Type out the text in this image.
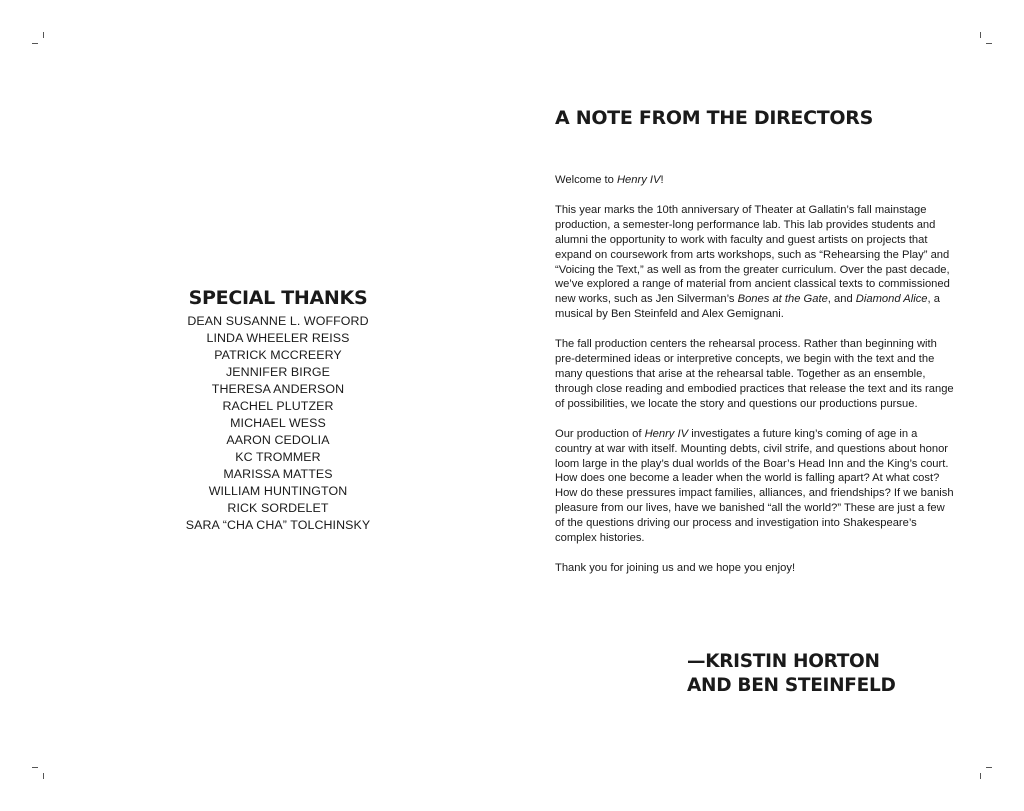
SPECIAL THANKS
DEAN SUSANNE L. WOFFORD
LINDA WHEELER REISS
PATRICK MCCREERY
JENNIFER BIRGE
THERESA ANDERSON
RACHEL PLUTZER
MICHAEL WESS
AARON CEDOLIA
KC TROMMER
MARISSA MATTES
WILLIAM HUNTINGTON
RICK SORDELET
SARA “CHA CHA” TOLCHINSKY
A NOTE FROM THE DIRECTORS

Welcome to Henry IV!

This year marks the 10th anniversary of Theater at Gallatin’s fall mainstage production, a semester-long performance lab. This lab provides students and alumni the opportunity to work with faculty and guest artists on projects that expand on coursework from arts workshops, such as “Rehearsing the Play” and “Voicing the Text,” as well as from the greater curriculum. Over the past decade, we’ve explored a range of material from ancient classical texts to commissioned new works, such as Jen Silverman’s Bones at the Gate, and Diamond Alice, a musical by Ben Steinfeld and Alex Gemignani.

The fall production centers the rehearsal process. Rather than beginning with pre-determined ideas or interpretive concepts, we begin with the text and the many questions that arise at the rehearsal table. Together as an ensemble, through close reading and embodied practices that release the text and its range of possibilities, we locate the story and questions our productions pursue.

Our production of Henry IV investigates a future king’s coming of age in a country at war with itself. Mounting debts, civil strife, and questions about honor loom large in the play’s dual worlds of the Boar’s Head Inn and the King’s court. How does one become a leader when the world is falling apart? At what cost? How do these pressures impact families, alliances, and friendships? If we banish pleasure from our lives, have we banished “all the world?” These are just a few of the questions driving our process and investigation into Shakespeare’s complex histories.

Thank you for joining us and we hope you enjoy!

—KRISTIN HORTON
AND BEN STEINFELD
